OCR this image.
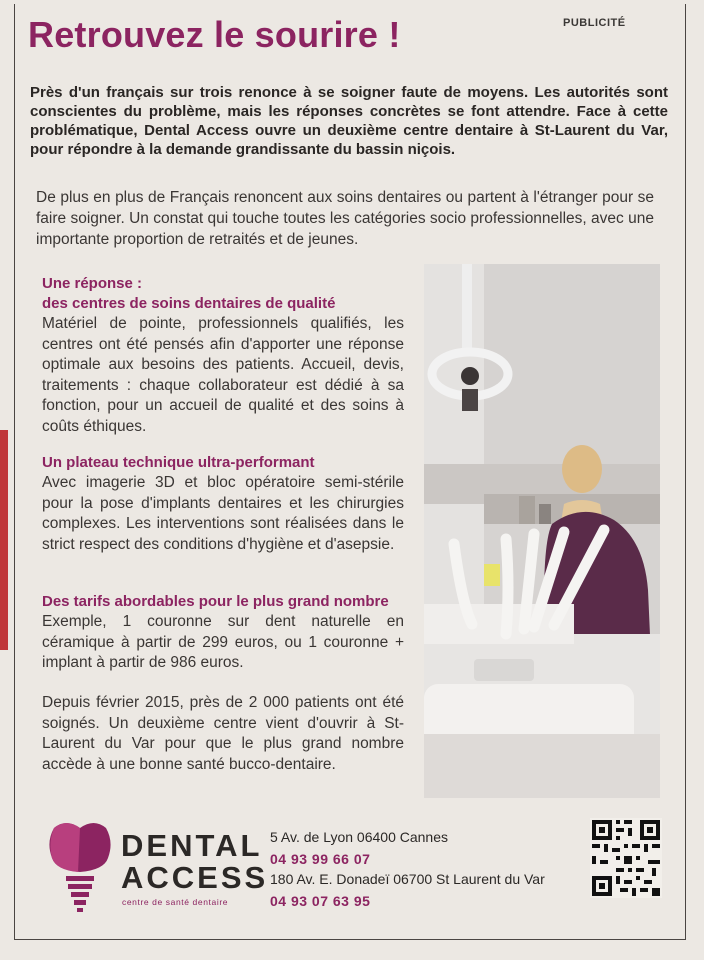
PUBLICITÉ
Retrouvez le sourire !
Près d'un français sur trois renonce à se soigner faute de moyens. Les autorités sont conscientes du problème, mais les réponses concrètes se font attendre. Face à cette problématique, Dental Access ouvre un deuxième centre dentaire à St-Laurent du Var, pour répondre à la demande grandissante du bassin niçois.
De plus en plus de Français renoncent aux soins dentaires ou partent à l'étranger pour se faire soigner. Un constat qui touche toutes les catégories socio professionnelles, avec une importante proportion de retraités et de jeunes.
Une réponse :
des centres de soins dentaires de qualité
Matériel de pointe, professionnels qualifiés, les centres ont été pensés afin d'apporter une réponse optimale aux besoins des patients. Accueil, devis, traitements : chaque collaborateur est dédié à sa fonction, pour un accueil de qualité et des soins à coûts éthiques.
Un plateau technique ultra-performant
Avec imagerie 3D et bloc opératoire semi-stérile pour la pose d'implants dentaires et les chirurgies complexes. Les interventions sont réalisées dans le strict respect des conditions d'hygiène et d'asepsie.
Des tarifs abordables pour le plus grand nombre
Exemple, 1 couronne sur dent naturelle en céramique à partir de 299 euros, ou 1 couronne + implant à partir de 986 euros.
Depuis février 2015, près de 2 000 patients ont été soignés. Un deuxième centre vient d'ouvrir à St-Laurent du Var pour que le plus grand nombre accède à une bonne santé bucco-dentaire.
DENTAL
ACCESS
centre de santé dentaire
5 Av. de Lyon 06400 Cannes
04 93 99 66 07
180 Av. E. Donadeï 06700 St Laurent du Var
04 93 07 63 95
